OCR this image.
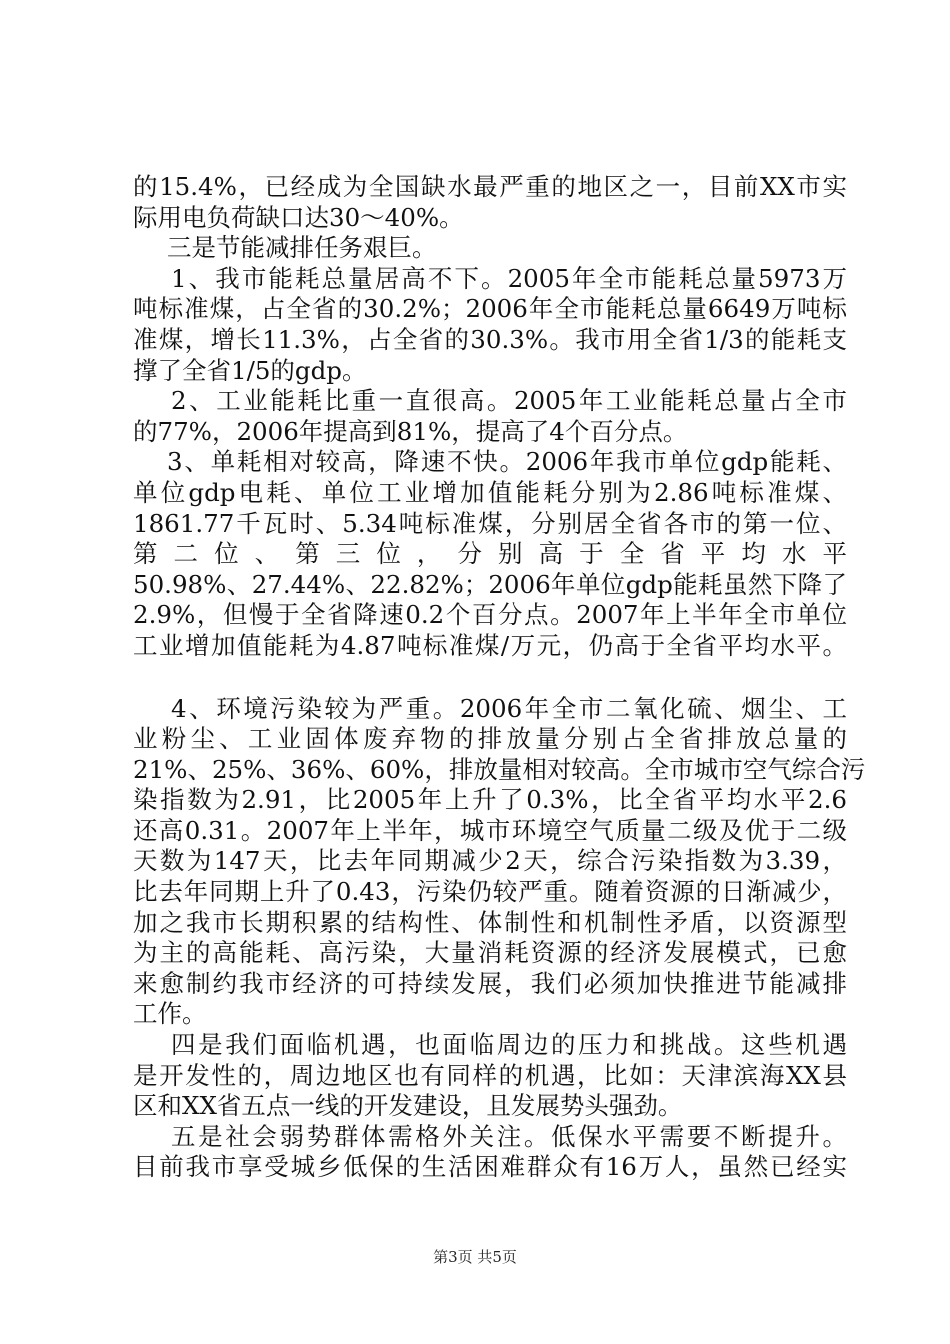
的15.4%，已经成为全国缺水最严重的地区之一，目前XX市实
际用电负荷缺口达30～40%。
三是节能减排任务艰巨。
1、我市能耗总量居高不下。2005年全市能耗总量5973万
吨标准煤，占全省的30.2%；2006年全市能耗总量6649万吨标
准煤，增长11.3%，占全省的30.3%。我市用全省1/3的能耗支
撑了全省1/5的gdp。
2、工业能耗比重一直很高。2005年工业能耗总量占全市
的77%，2006年提高到81%，提高了4个百分点。
3、单耗相对较高，降速不快。2006年我市单位gdp能耗、
单位gdp电耗、单位工业增加值能耗分别为2.86吨标准煤、
1861.77千瓦时、5.34吨标准煤，分别居全省各市的第一位、
第 二 位 、 第 三 位 ， 分 别 高 于 全 省 平 均 水 平
50.98%、27.44%、22.82%；2006年单位gdp能耗虽然下降了
2.9%，但慢于全省降速0.2个百分点。2007年上半年全市单位
工业增加值能耗为4.87吨标准煤/万元，仍高于全省平均水平。
4、环境污染较为严重。2006年全市二氧化硫、烟尘、工
业粉尘、工业固体废弃物的排放量分别占全省排放总量的
21%、25%、36%、60%，排放量相对较高。全市城市空气综合污
染指数为2.91，比2005年上升了0.3%，比全省平均水平2.6
还高0.31。2007年上半年，城市环境空气质量二级及优于二级
天数为147天，比去年同期减少2天，综合污染指数为3.39，
比去年同期上升了0.43，污染仍较严重。随着资源的日渐减少，
加之我市长期积累的结构性、体制性和机制性矛盾，以资源型
为主的高能耗、高污染，大量消耗资源的经济发展模式，已愈
来愈制约我市经济的可持续发展，我们必须加快推进节能减排
工作。
四是我们面临机遇，也面临周边的压力和挑战。这些机遇
是开发性的，周边地区也有同样的机遇，比如：天津滨海XX县
区和XX省五点一线的开发建设，且发展势头强劲。
五是社会弱势群体需格外关注。低保水平需要不断提升。
目前我市享受城乡低保的生活困难群众有16万人，虽然已经实
第3页 共5页
